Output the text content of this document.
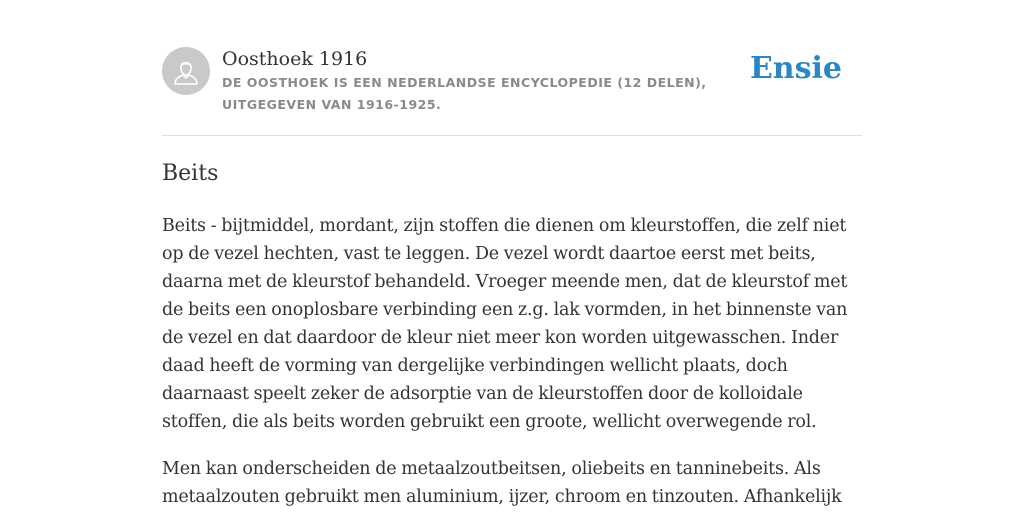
Oosthoek 1916
DE OOSTHOEK IS EEN NEDERLANDSE ENCYCLOPEDIE (12 DELEN), UITGEGEVEN VAN 1916-1925.
Ensie
Beits

Beits - bijtmiddel, mordant, zijn stoffen die dienen om kleurstoffen, die zelf niet op de vezel hechten, vast te leggen. De vezel wordt daartoe eerst met beits, daarna met de kleurstof behandeld. Vroeger meende men, dat de kleurstof met de beits een onoplosbare verbinding een z.g. lak vormden, in het binnenste van de vezel en dat daardoor de kleur niet meer kon worden uitgewasschen. Inder daad heeft de vorming van dergelijke verbindingen wellicht plaats, doch daarnaast speelt zeker de adsorptie van de kleurstoffen door de kolloidale stoffen, die als beits worden gebruikt een groote, wellicht overwegende rol.

Men kan onderscheiden de metaalzoutbeitsen, oliebeits en tanninebeits. Als metaalzouten gebruikt men aluminium, ijzer, chroom en tinzouten. Afhankelijk
